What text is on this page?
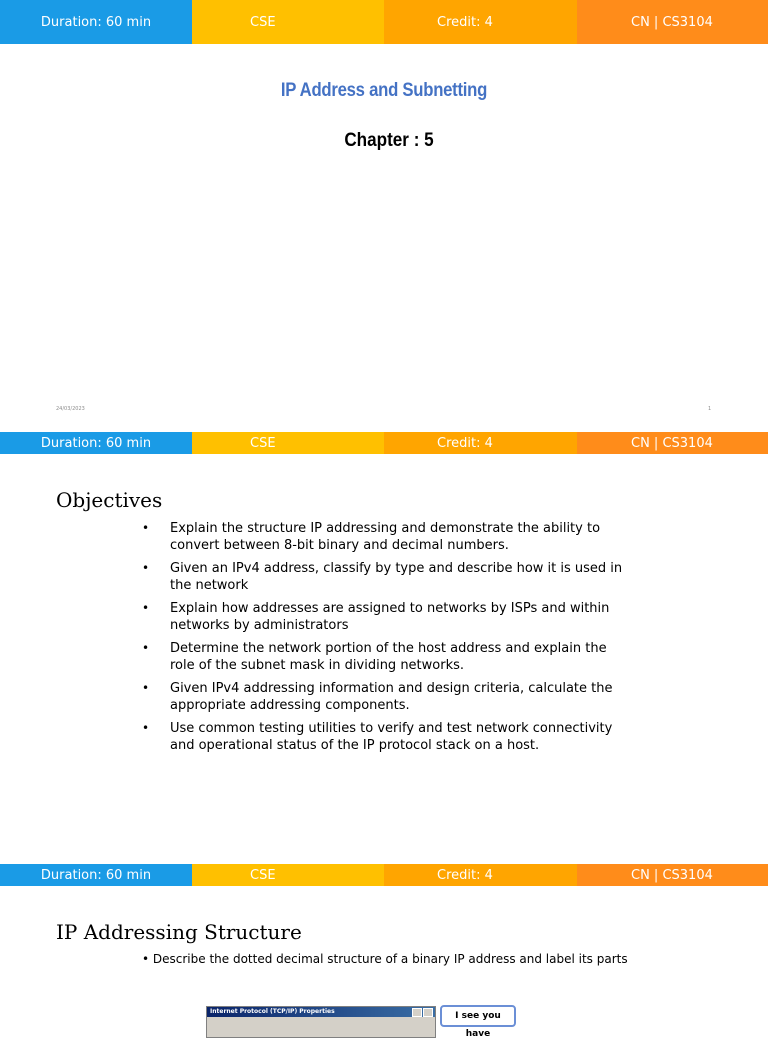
Duration: 60 min	CSE	Credit: 4	CN | CS3104
IP Address and Subnetting
Chapter : 5
24/03/2023	1
Duration: 60 min	CSE	Credit: 4	CN | CS3104
Objectives
• Explain the structure IP addressing and demonstrate the ability to convert between 8-bit binary and decimal numbers.
• Given an IPv4 address, classify by type and describe how it is used in the network
• Explain how addresses are assigned to networks by ISPs and within networks by administrators
• Determine the network portion of the host address and explain the role of the subnet mask in dividing networks.
• Given IPv4 addressing information and design criteria, calculate the appropriate addressing components.
• Use common testing utilities to verify and test network connectivity and operational status of the IP protocol stack on a host.
Duration: 60 min	CSE	Credit: 4	CN | CS3104
IP Addressing Structure
• Describe the dotted decimal structure of a binary IP address and label its parts
Internet Protocol (TCP/IP) Properties	I see you have
